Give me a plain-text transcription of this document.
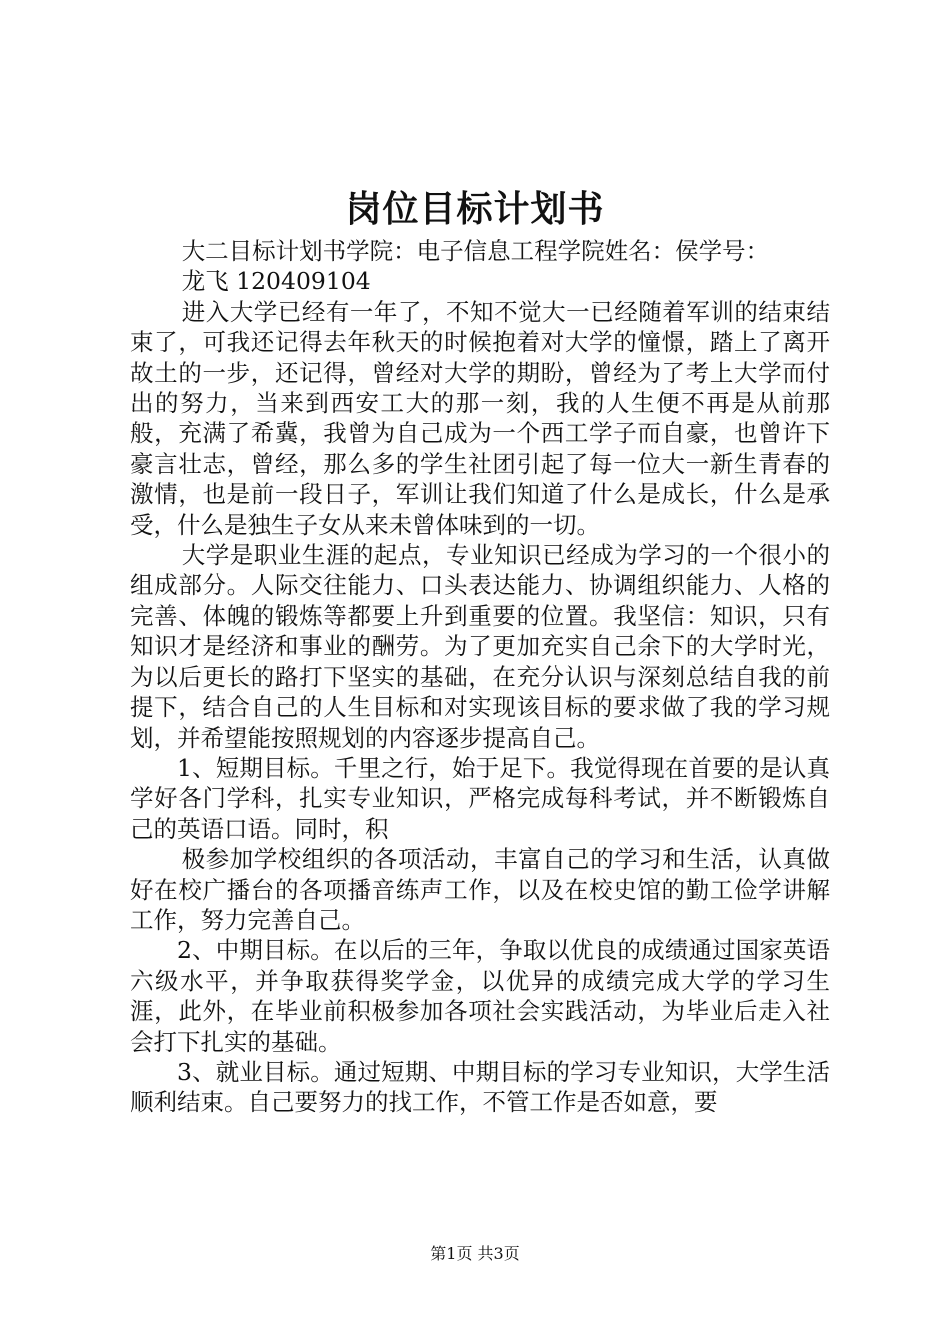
岗位目标计划书

大二目标计划书学院：电子信息工程学院姓名：侯学号：

龙飞 120409104

进入大学已经有一年了，不知不觉大一已经随着军训的结束结束了，可我还记得去年秋天的时候抱着对大学的憧憬，踏上了离开故土的一步，还记得，曾经对大学的期盼，曾经为了考上大学而付出的努力，当来到西安工大的那一刻，我的人生便不再是从前那般，充满了希冀，我曾为自己成为一个西工学子而自豪，也曾许下豪言壮志，曾经，那么多的学生社团引起了每一位大一新生青春的激情，也是前一段日子，军训让我们知道了什么是成长，什么是承受，什么是独生子女从来未曾体味到的一切。

大学是职业生涯的起点，专业知识已经成为学习的一个很小的组成部分。人际交往能力、口头表达能力、协调组织能力、人格的完善、体魄的锻炼等都要上升到重要的位置。我坚信：知识，只有知识才是经济和事业的酬劳。为了更加充实自己余下的大学时光，为以后更长的路打下坚实的基础，在充分认识与深刻总结自我的前提下，结合自己的人生目标和对实现该目标的要求做了我的学习规划，并希望能按照规划的内容逐步提高自己。

1、短期目标。千里之行，始于足下。我觉得现在首要的是认真学好各门学科，扎实专业知识，严格完成每科考试，并不断锻炼自己的英语口语。同时，积

极参加学校组织的各项活动，丰富自己的学习和生活，认真做好在校广播台的各项播音练声工作，以及在校史馆的勤工俭学讲解工作，努力完善自己。

2、中期目标。在以后的三年，争取以优良的成绩通过国家英语六级水平，并争取获得奖学金，以优异的成绩完成大学的学习生涯，此外，在毕业前积极参加各项社会实践活动，为毕业后走入社会打下扎实的基础。

3、就业目标。通过短期、中期目标的学习专业知识，大学生活顺利结束。自己要努力的找工作，不管工作是否如意，要

第1页 共3页
